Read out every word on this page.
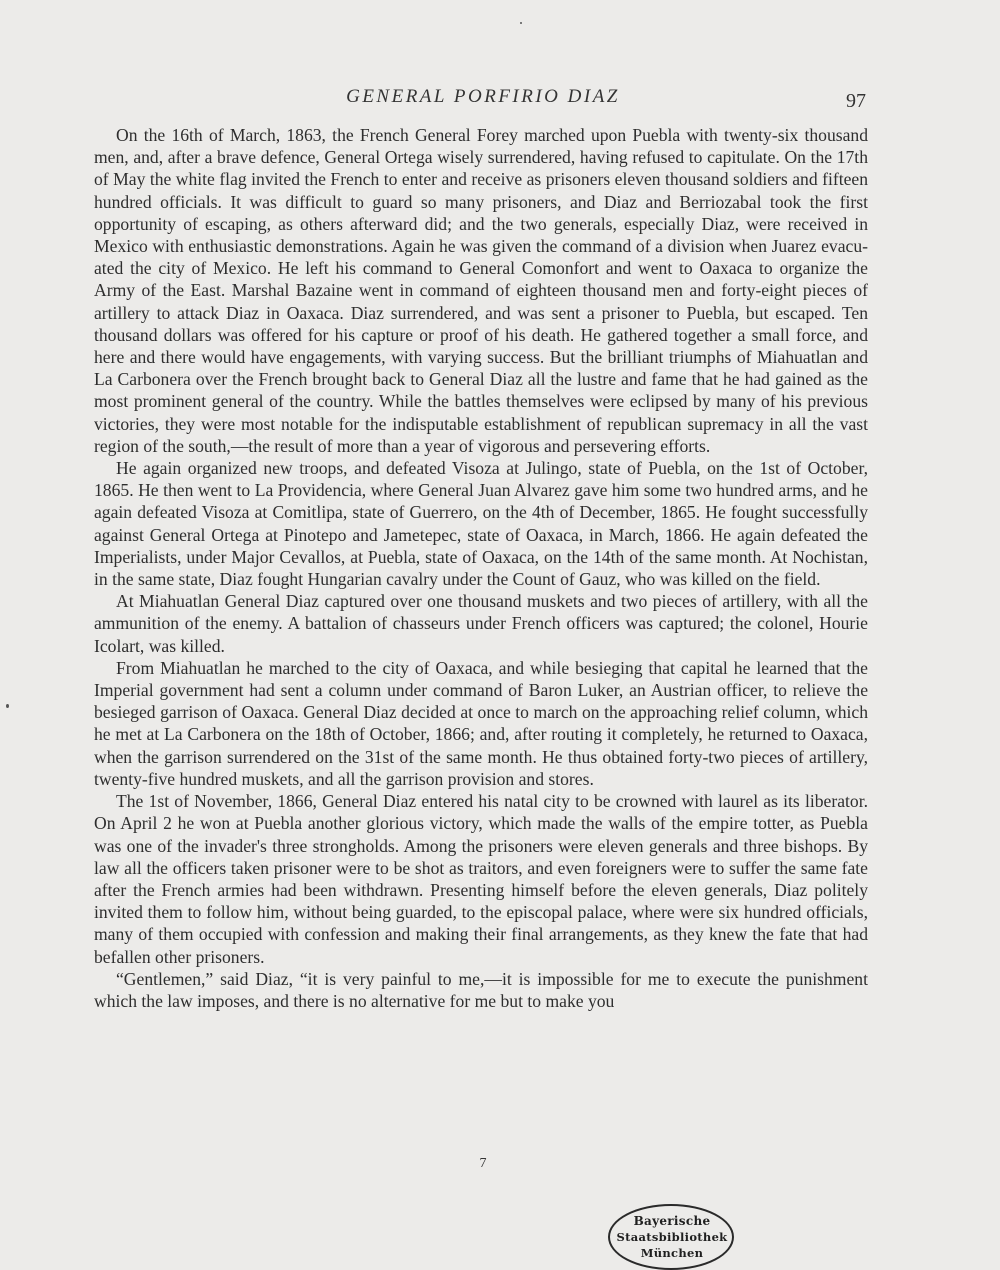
GENERAL PORFIRIO DIAZ	97

On the 16th of March, 1863, the French General Forey marched upon Puebla with twenty-six thousand men, and, after a brave defence, General Ortega wisely surrendered, having refused to capitulate. On the 17th of May the white flag invited the French to enter and receive as prisoners eleven thousand soldiers and fifteen hundred officials. It was difficult to guard so many prisoners, and Diaz and Berriozabal took the first opportunity of escaping, as others afterward did; and the two generals, especially Diaz, were received in Mexico with enthusiastic demonstrations. Again he was given the command of a division when Juarez evacuated the city of Mexico. He left his command to General Comonfort and went to Oaxaca to organize the Army of the East. Marshal Bazaine went in command of eighteen thousand men and forty-eight pieces of artillery to attack Diaz in Oaxaca. Diaz surrendered, and was sent a prisoner to Puebla, but escaped. Ten thousand dollars was offered for his capture or proof of his death. He gathered together a small force, and here and there would have engagements, with varying success. But the brilliant triumphs of Miahuatlan and La Carbonera over the French brought back to General Diaz all the lustre and fame that he had gained as the most prominent general of the country. While the battles themselves were eclipsed by many of his previous victories, they were most notable for the indisputable establishment of republican supremacy in all the vast region of the south,—the result of more than a year of vigorous and persevering efforts.

He again organized new troops, and defeated Visoza at Julingo, state of Puebla, on the 1st of October, 1865. He then went to La Providencia, where General Juan Alvarez gave him some two hundred arms, and he again defeated Visoza at Comitlipa, state of Guerrero, on the 4th of December, 1865. He fought successfully against General Ortega at Pinotepo and Jametepec, state of Oaxaca, in March, 1866. He again defeated the Imperialists, under Major Cevallos, at Puebla, state of Oaxaca, on the 14th of the same month. At Nochistan, in the same state, Diaz fought Hungarian cavalry under the Count of Gauz, who was killed on the field.

At Miahuatlan General Diaz captured over one thousand muskets and two pieces of artillery, with all the ammunition of the enemy. A battalion of chasseurs under French officers was captured; the colonel, Hourie Icolart, was killed.

From Miahuatlan he marched to the city of Oaxaca, and while besieging that capital he learned that the Imperial government had sent a column under command of Baron Luker, an Austrian officer, to relieve the besieged garrison of Oaxaca. General Diaz decided at once to march on the approaching relief column, which he met at La Carbonera on the 18th of October, 1866; and, after routing it completely, he returned to Oaxaca, when the garrison surrendered on the 31st of the same month. He thus obtained forty-two pieces of artillery, twenty-five hundred muskets, and all the garrison provision and stores.

The 1st of November, 1866, General Diaz entered his natal city to be crowned with laurel as its liberator. On April 2 he won at Puebla another glorious victory, which made the walls of the empire totter, as Puebla was one of the invader's three strongholds. Among the prisoners were eleven generals and three bishops. By law all the officers taken prisoner were to be shot as traitors, and even foreigners were to suffer the same fate after the French armies had been withdrawn. Presenting himself before the eleven generals, Diaz politely invited them to follow him, without being guarded, to the episcopal palace, where were six hundred officials, many of them occupied with confession and making their final arrangements, as they knew the fate that had befallen other prisoners.

“Gentlemen,” said Diaz, “it is very painful to me,—it is impossible for me to execute the punishment which the law imposes, and there is no alternative for me but to make you

7
Bayerische
Staatsbibliothek
München
